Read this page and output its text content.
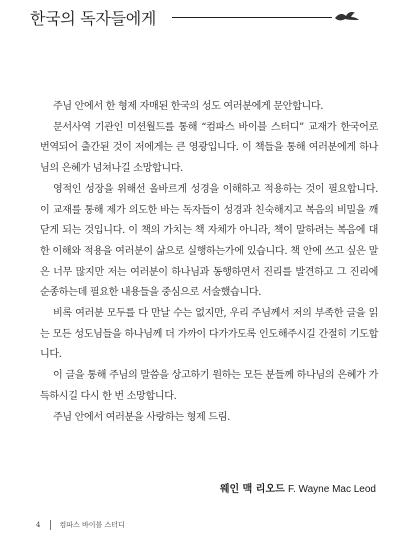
한국의 독자들에게

주님 안에서 한 형제 자매된 한국의 성도 여러분에게 문안합니다.

문서사역 기관인 미션월드를 통해 “컴파스 바이블 스터디” 교재가 한국어로 번역되어 출간된 것이 저에게는 큰 영광입니다. 이 책들을 통해 여러분에게 하나님의 은혜가 넘쳐나길 소망합니다.

영적인 성장을 위해선 올바르게 성경을 이해하고 적용하는 것이 필요합니다. 이 교재를 통해 제가 의도한 바는 독자들이 성경과 친숙해지고 복음의 비밀을 깨닫게 되는 것입니다. 이 책의 가치는 책 자체가 아니라, 책이 말하려는 복음에 대한 이해와 적용을 여러분이 삶으로 실행하는가에 있습니다. 책 안에 쓰고 싶은 말은 너무 많지만 저는 여러분이 하나님과 동행하면서 진리를 발견하고 그 진리에 순종하는데 필요한 내용들을 중심으로 서술했습니다.

비록 여러분 모두를 다 만날 수는 없지만, 우리 주님께서 저의 부족한 글을 읽는 모든 성도님들을 하나님께 더 가까이 다가가도록 인도해주시길 간절히 기도합니다.

이 글을 통해 주님의 말씀을 상고하기 원하는 모든 분들께 하나님의 은혜가 가득하시길 다시 한 번 소망합니다.

주님 안에서 여러분을 사랑하는 형제 드림.

웨인 맥 리오드 F. Wayne Mac Leod
4	컴파스 바이블 스터디
